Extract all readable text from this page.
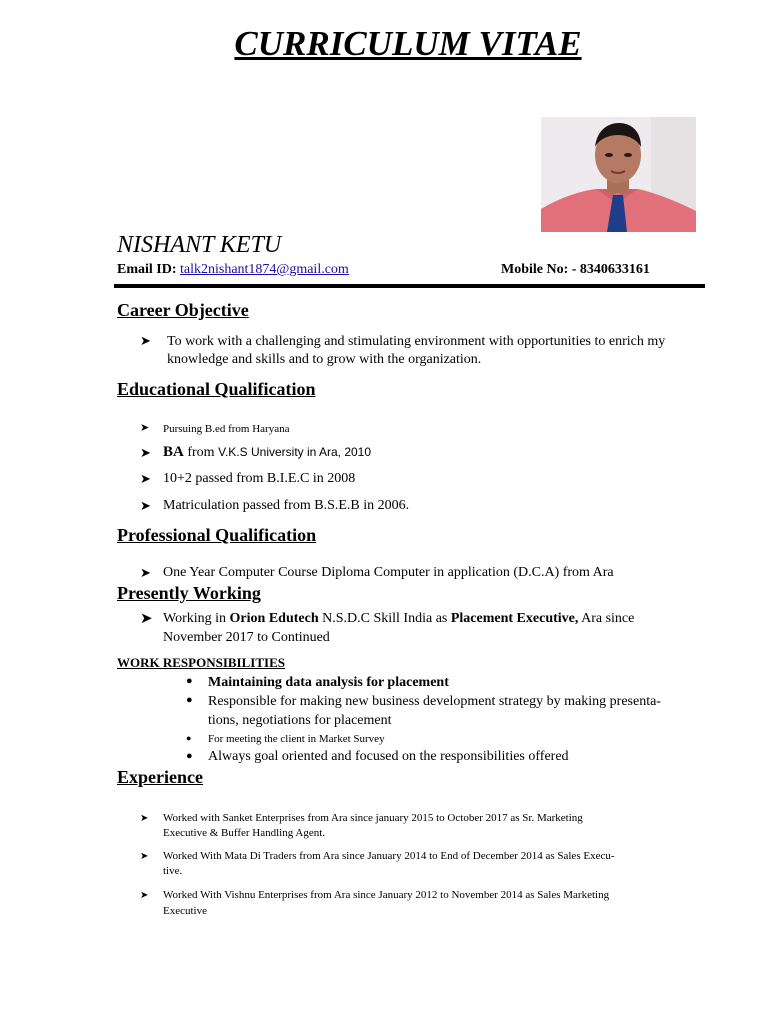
CURRICULUM VITAE
NISHANT KETU
Email ID: talk2nishant1874@gmail.com	Mobile No: - 8340633161
Career Objective
➤ To work with a challenging and stimulating environment with opportunities to enrich my knowledge and skills and to grow with the organization.
Educational Qualification
➤ Pursuing B.ed from Haryana
➤ BA from V.K.S University in Ara, 2010
➤ 10+2 passed from B.I.E.C in 2008
➤ Matriculation passed from B.S.E.B in 2006.
Professional Qualification
➤ One Year Computer Course Diploma Computer in application (D.C.A) from Ara
Presently Working
➤ Working in Orion Edutech N.S.D.C Skill India as Placement Executive, Ara since
November 2017 to Continued
WORK RESPONSIBILITIES
● Maintaining data analysis for placement
● Responsible for making new business development strategy by making presenta-
tions, negotiations for placement
● For meeting the client in Market Survey
● Always goal oriented and focused on the responsibilities offered
Experience
➤ Worked with Sanket Enterprises from Ara since january 2015 to October 2017 as Sr. Marketing
Executive & Buffer Handling Agent.
➤ Worked With Mata Di Traders from Ara since January 2014 to End of December 2014 as Sales Execu-
tive.
➤ Worked With Vishnu Enterprises from Ara since January 2012 to November 2014 as Sales Marketing
Executive
